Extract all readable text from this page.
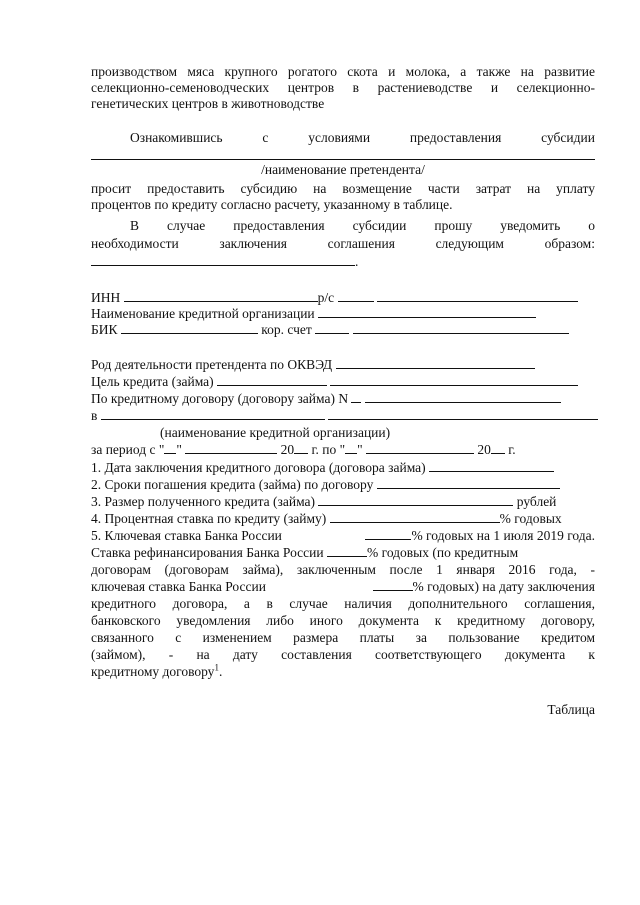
производством мяса крупного рогатого скота и молока, а также на развитие
селекционно-семеноводческих центров в растениеводстве и селекционно-
генетических центров в животноводстве
Ознакомившись	с	условиями	предоставления	субсидии
/наименование претендента/
просит предоставить субсидию на возмещение части затрат на уплату
процентов по кредиту согласно расчету, указанному в таблице.
В случае предоставления субсидии прошу уведомить о
необходимости	заключения	соглашения	следующим	образом:
.
ИНН	р/с
Наименование кредитной организации
БИК	кор. счет
Род деятельности претендента по ОКВЭД
Цель кредита (займа)
По кредитному договору (договору займа) N
в
(наименование кредитной организации)
за период с " "	20 г. по " "	20 г.
1. Дата заключения кредитного договора (договора займа)
2. Сроки погашения кредита (займа) по договору
3. Размер полученного кредита (займа)	рублей
4. Процентная ставка по кредиту (займу)	% годовых
5. Ключевая ставка Банка России	% годовых на 1 июля 2019 года.
Ставка рефинансирования Банка России	% годовых (по кредитным
договорам (договорам займа), заключенным после 1 января 2016 года, -
ключевая ставка Банка России	% годовых) на дату заключения
кредитного договора, а в случае наличия дополнительного соглашения,
банковского уведомления либо иного документа к кредитному договору,
связанного с изменением размера платы за пользование кредитом
(займом), - на дату составления соответствующего документа к
кредитному договору$^1$.
Таблица
